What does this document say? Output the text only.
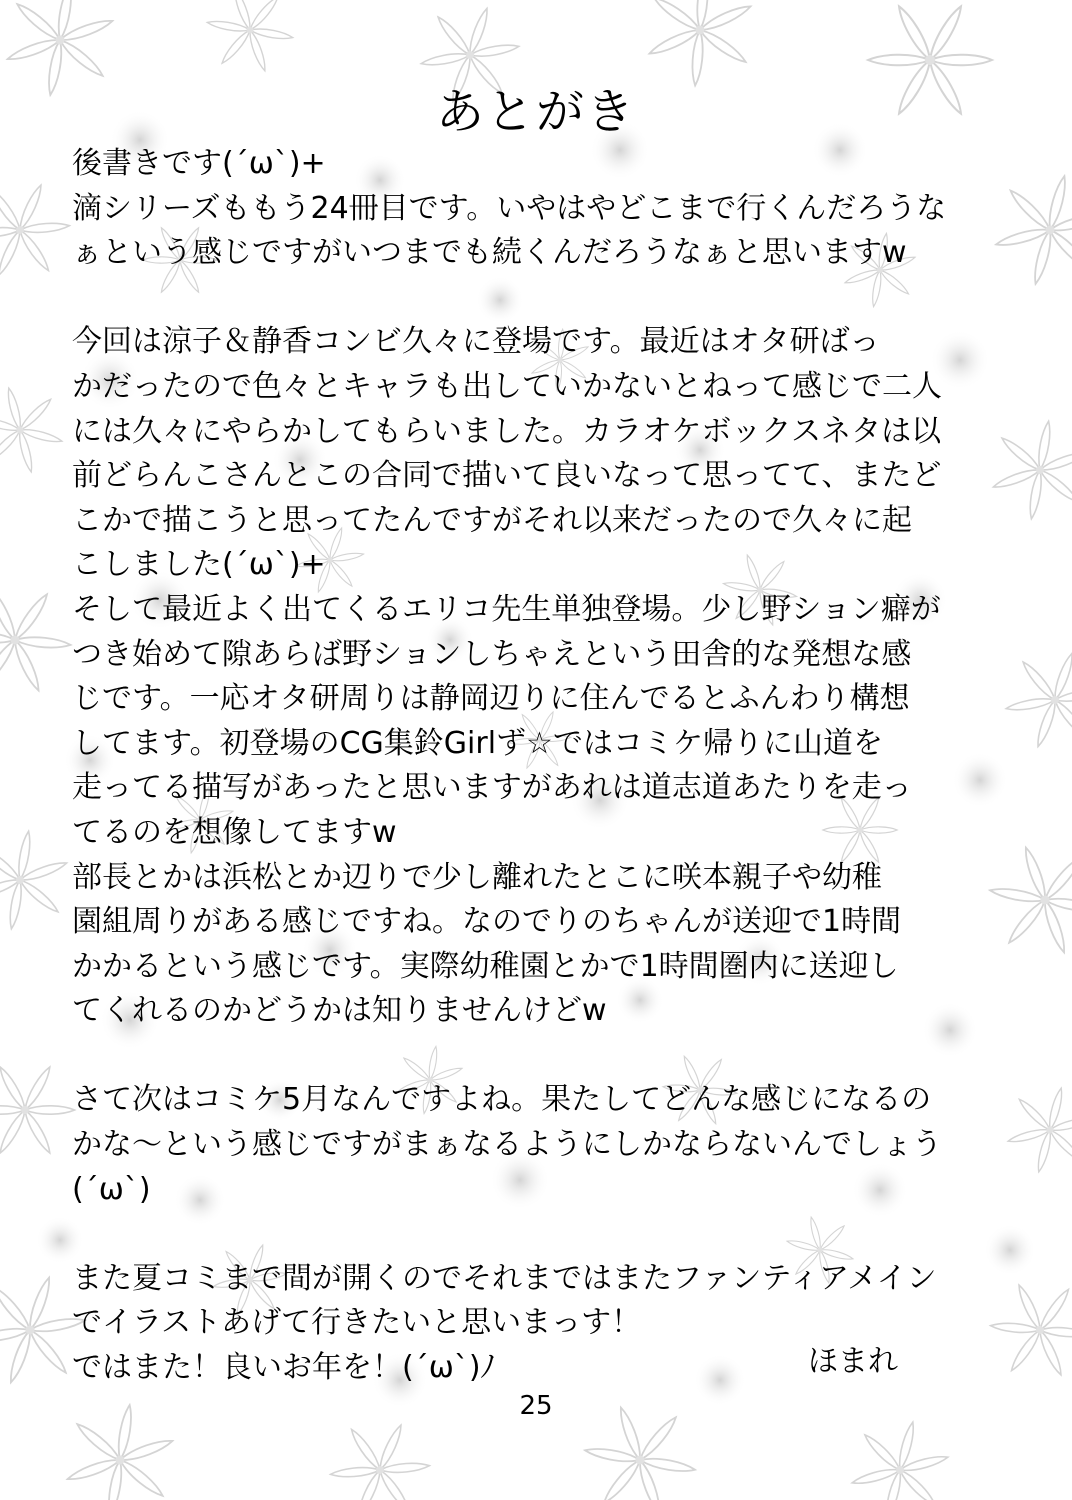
あとがき
後書きです(´ω`)+
滴シリーズももう24冊目です。いやはやどこまで行くんだろうな
ぁという感じですがいつまでも続くんだろうなぁと思いますw
今回は涼子＆静香コンビ久々に登場です。最近はオタ研ばっ
かだったので色々とキャラも出していかないとねって感じで二人
には久々にやらかしてもらいました。カラオケボックスネタは以
前どらんこさんとこの合同で描いて良いなって思ってて、またど
こかで描こうと思ってたんですがそれ以来だったので久々に起
こしました(´ω`)+
そして最近よく出てくるエリコ先生単独登場。少し野ション癖が
つき始めて隙あらば野ションしちゃえという田舎的な発想な感
じです。一応オタ研周りは静岡辺りに住んでるとふんわり構想
してます。初登場のCG集鈴Girlず☆ではコミケ帰りに山道を
走ってる描写があったと思いますがあれは道志道あたりを走っ
てるのを想像してますw
部長とかは浜松とか辺りで少し離れたとこに咲本親子や幼稚
園組周りがある感じですね。なのでりのちゃんが送迎で1時間
かかるという感じです。実際幼稚園とかで1時間圏内に送迎し
てくれるのかどうかは知りませんけどw
さて次はコミケ5月なんですよね。果たしてどんな感じになるの
かな～という感じですがまぁなるようにしかならないんでしょう
(´ω`)
また夏コミまで間が開くのでそれまではまたファンティアメイン
でイラストあげて行きたいと思いまっす！
ではまた！良いお年を！(´ω`)ﾉ	ほまれ
25
